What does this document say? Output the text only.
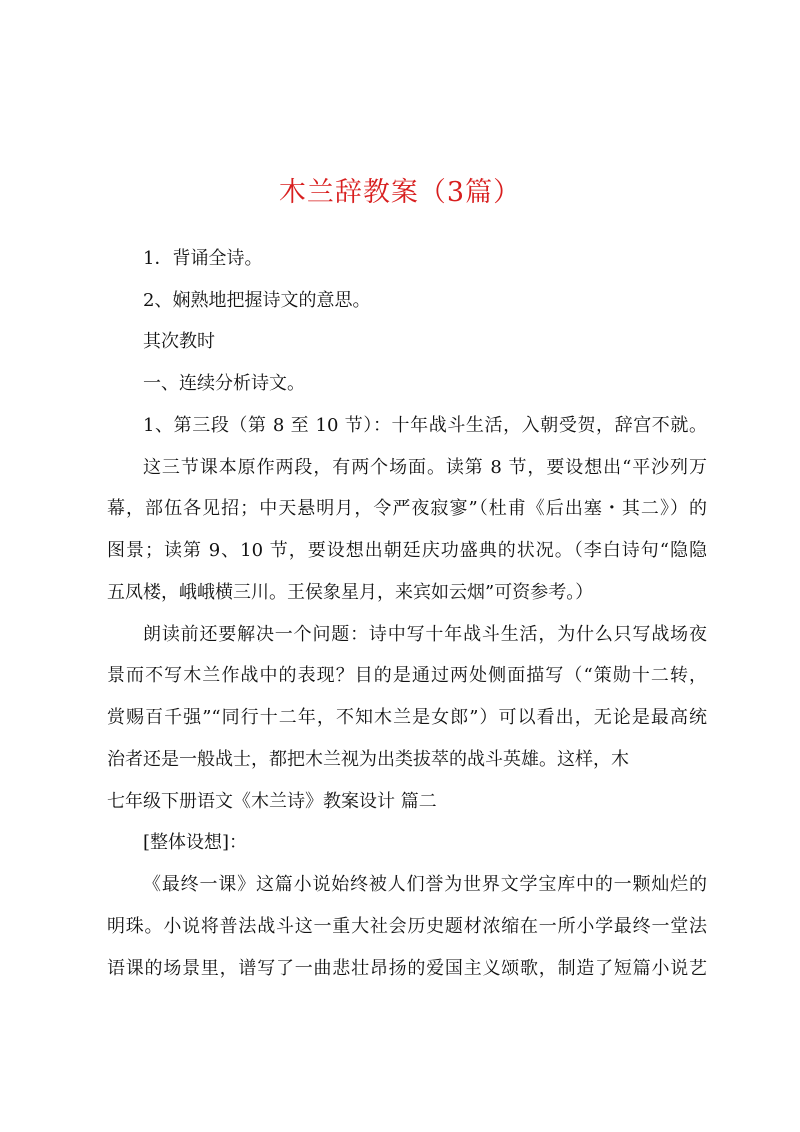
木兰辞教案（3篇）
1．背诵全诗。
2、娴熟地把握诗文的意思。
其次教时
一、连续分析诗文。
1、第三段（第 8 至 10 节）：十年战斗生活，入朝受贺，辞宫不就。
这三节课本原作两段，有两个场面。读第 8 节，要设想出“平沙列万
幕，部伍各见招；中天悬明月，令严夜寂寥”（杜甫《后出塞・其二》）的
图景；读第 9、10 节，要设想出朝廷庆功盛典的状况。（李白诗句“隐隐
五凤楼，峨峨横三川。王侯象星月，来宾如云烟”可资参考。）
朗读前还要解决一个问题：诗中写十年战斗生活，为什么只写战场夜
景而不写木兰作战中的表现？目的是通过两处侧面描写（“策勋十二转，
赏赐百千强”“同行十二年，不知木兰是女郎”）可以看出，无论是最高统
治者还是一般战士，都把木兰视为出类拔萃的战斗英雄。这样，木
七年级下册语文《木兰诗》教案设计 篇二
[整体设想]：
《最终一课》这篇小说始终被人们誉为世界文学宝库中的一颗灿烂的
明珠。小说将普法战斗这一重大社会历史题材浓缩在一所小学最终一堂法
语课的场景里，谱写了一曲悲壮昂扬的爱国主义颂歌，制造了短篇小说艺
